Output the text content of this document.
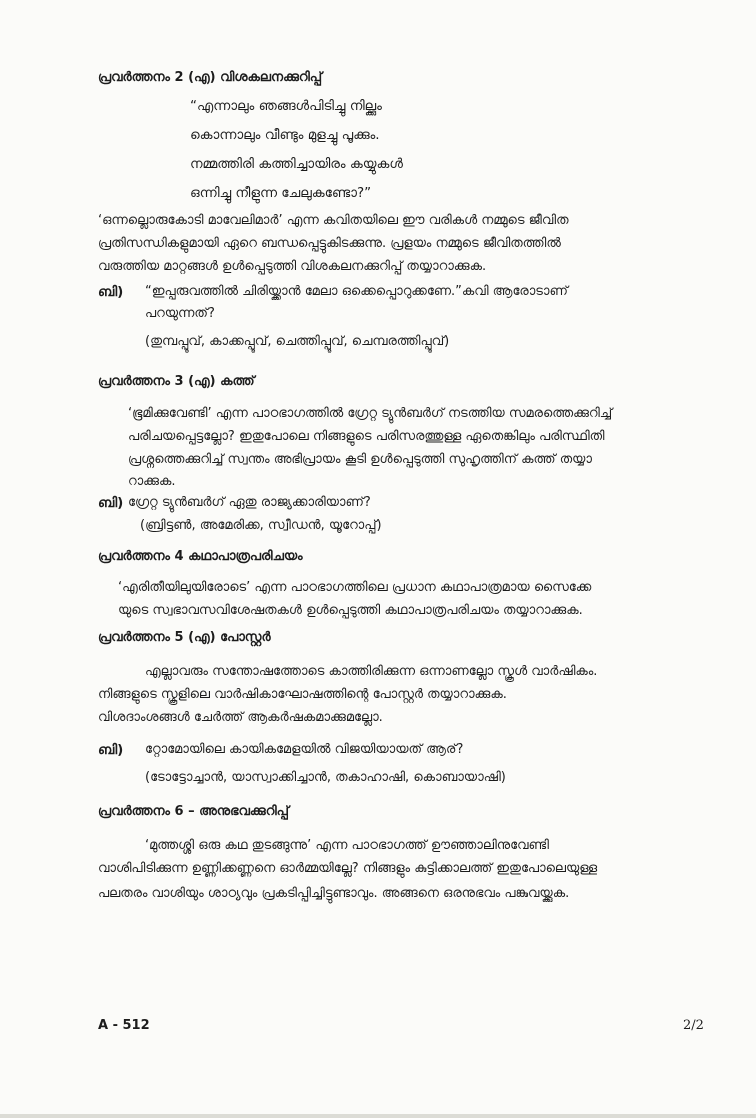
പ്രവർത്തനം 2 (എ) വിശകലനക്കുറിപ്പ്
“എന്നാലും ഞങ്ങൾപിടിച്ചു നില്ക്കും
കൊന്നാലും വീണ്ടും മുളച്ചു പൂക്കും.
നമ്മത്തിരി കത്തിച്ചായിരം കയ്യുകൾ
ഒന്നിച്ചു നീളുന്ന ചേലുകണ്ടോ?”
‘ഒന്നല്ലൊരുകോടി മാവേലിമാർ’ എന്ന കവിതയിലെ ഈ വരികൾ നമ്മുടെ ജീവിത
പ്രതിസന്ധികളുമായി ഏറെ ബന്ധപ്പെട്ടുകിടക്കുന്നു. പ്രളയം നമ്മുടെ ജീവിതത്തിൽ
വരുത്തിയ മാറ്റങ്ങൾ ഉൾപ്പെടുത്തി വിശകലനക്കുറിപ്പ് തയ്യാറാക്കുക.
ബി) “ഇപ്പരുവത്തിൽ ചിരിയ്ക്കാൻ മേലാ ഒക്കെപ്പൊറുക്കണേ.”കവി ആരോടാണ്
പറയുന്നത്?
(തുമ്പപ്പൂവ്, കാക്കപ്പൂവ്, ചെത്തിപ്പൂവ്, ചെമ്പരത്തിപ്പൂവ്)
പ്രവർത്തനം 3 (എ) കത്ത്
‘ഭൂമിക്കുവേണ്ടി’ എന്ന പാഠഭാഗത്തിൽ ഗ്രേറ്റ ട്യുൻബർഗ് നടത്തിയ സമരത്തെക്കുറിച്ച്
പരിചയപ്പെട്ടല്ലോ? ഇതുപോലെ നിങ്ങളുടെ പരിസരത്തുള്ള ഏതെങ്കിലും പരിസ്ഥിതി
പ്രശ്നത്തെക്കുറിച്ച് സ്വന്തം അഭിപ്രായം കൂടി ഉൾപ്പെടുത്തി സുഹൃത്തിന് കത്ത് തയ്യാ
റാക്കുക.
ബി) ഗ്രേറ്റ ട്യുൻബർഗ് ഏതു രാജ്യക്കാരിയാണ്?
(ബ്രിട്ടൺ, അമേരിക്ക, സ്വീഡൻ, യൂറോപ്പ്)
പ്രവർത്തനം 4 കഥാപാത്രപരിചയം
‘എരിതീയിലുയിരോടെ’ എന്ന പാഠഭാഗത്തിലെ പ്രധാന കഥാപാത്രമായ സൈക്കേ
യുടെ സ്വഭാവസവിശേഷതകൾ ഉൾപ്പെടുത്തി കഥാപാത്രപരിചയം തയ്യാറാക്കുക.
പ്രവർത്തനം 5 (എ) പോസ്റ്റർ
എല്ലാവരും സന്തോഷത്തോടെ കാത്തിരിക്കുന്ന ഒന്നാണല്ലോ സ്കൂൾ വാർഷികം.
നിങ്ങളുടെ സ്കൂളിലെ വാർഷികാഘോഷത്തിന്റെ പോസ്റ്റർ തയ്യാറാക്കുക.
വിശദാംശങ്ങൾ ചേർത്ത് ആകർഷകമാക്കുമല്ലോ.
ബി) റ്റോമോയിലെ കായികമേളയിൽ വിജയിയായത് ആര്?
(ടോട്ടോച്ചാൻ, യാസ്വാക്കിച്ചാൻ, തകാഹാഷി, കൊബായാഷി)
പ്രവർത്തനം 6 – അനുഭവക്കുറിപ്പ്
‘മുത്തശ്ശി ഒരു കഥ തുടങ്ങുന്നു’ എന്ന പാഠഭാഗത്ത് ഊഞ്ഞാലിനുവേണ്ടി
വാശിപിടിക്കുന്ന ഉണ്ണിക്കണ്ണനെ ഓർമ്മയില്ലേ? നിങ്ങളും കുട്ടിക്കാലത്ത് ഇതുപോലെയുള്ള
പലതരം വാശിയും ശാഠ്യവും പ്രകടിപ്പിച്ചിട്ടുണ്ടാവും. അങ്ങനെ ഒരനുഭവം പങ്കുവയ്ക്കുക.
A - 512	2/2
